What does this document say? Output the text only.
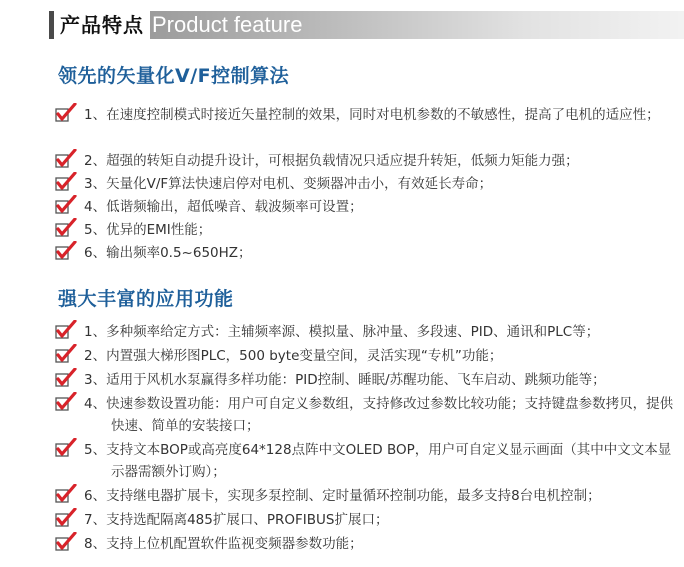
产品特点 Product feature
领先的矢量化V/F控制算法
1、在速度控制模式时接近矢量控制的效果，同时对电机参数的不敏感性，提高了电机的适应性；
2、超强的转矩自动提升设计，可根据负载情况只适应提升转矩，低频力矩能力强；
3、矢量化V/F算法快速启停对电机、变频器冲击小，有效延长寿命；
4、低谐频输出，超低噪音、载波频率可设置；
5、优异的EMI性能；
6、输出频率0.5~650HZ；
强大丰富的应用功能
1、多种频率给定方式：主辅频率源、模拟量、脉冲量、多段速、PID、通讯和PLC等；
2、内置强大梯形图PLC，500 byte变量空间，灵活实现“专机”功能；
3、适用于风机水泵赢得多样功能：PID控制、睡眠/苏醒功能、飞车启动、跳频功能等；
4、快速参数设置功能：用户可自定义参数组，支持修改过参数比较功能；支持键盘参数拷贝，提供快速、简单的安装接口；
5、支持文本BOP或高亮度64*128点阵中文OLED BOP，用户可自定义显示画面（其中中文文本显示器需额外订购）；
6、支持继电器扩展卡，实现多泵控制、定时量循环控制功能，最多支持8台电机控制；
7、支持选配隔离485扩展口、PROFIBUS扩展口；
8、支持上位机配置软件监视变频器参数功能；
